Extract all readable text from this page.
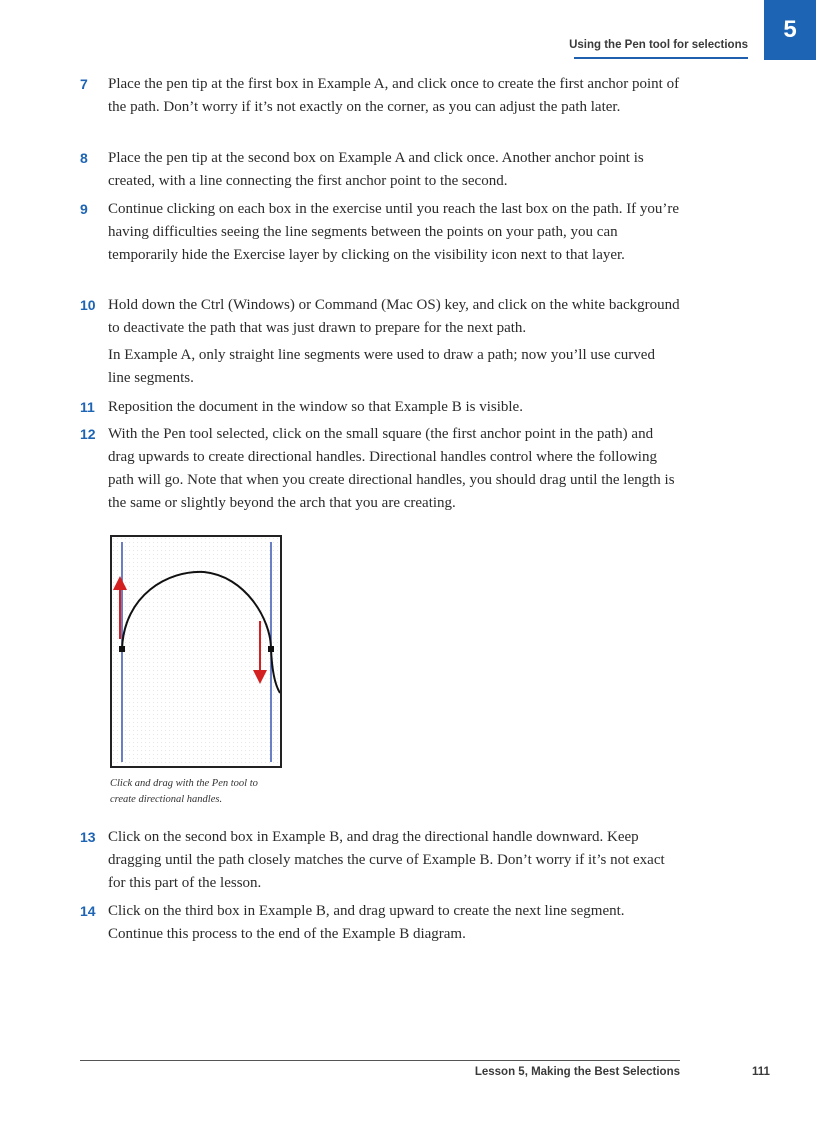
Using the Pen tool for selections
5
7	Place the pen tip at the first box in Example A, and click once to create the first anchor point of the path. Don’t worry if it’s not exactly on the corner, as you can adjust the path later.
8	Place the pen tip at the second box on Example A and click once. Another anchor point is created, with a line connecting the first anchor point to the second.
9	Continue clicking on each box in the exercise until you reach the last box on the path. If you’re having difficulties seeing the line segments between the points on your path, you can temporarily hide the Exercise layer by clicking on the visibility icon next to that layer.
10 Hold down the Ctrl (Windows) or Command (Mac OS) key, and click on the white background to deactivate the path that was just drawn to prepare for the next path.
In Example A, only straight line segments were used to draw a path; now you’ll use curved line segments.
11 Reposition the document in the window so that Example B is visible.
12 With the Pen tool selected, click on the small square (the first anchor point in the path) and drag upwards to create directional handles. Directional handles control where the following path will go. Note that when you create directional handles, you should drag until the length is the same or slightly beyond the arch that you are creating.
Click and drag with the Pen tool to create directional handles.
13 Click on the second box in Example B, and drag the directional handle downward. Keep dragging until the path closely matches the curve of Example B. Don’t worry if it’s not exact for this part of the lesson.
14 Click on the third box in Example B, and drag upward to create the next line segment. Continue this process to the end of the Example B diagram.
Lesson 5, Making the Best Selections	111
